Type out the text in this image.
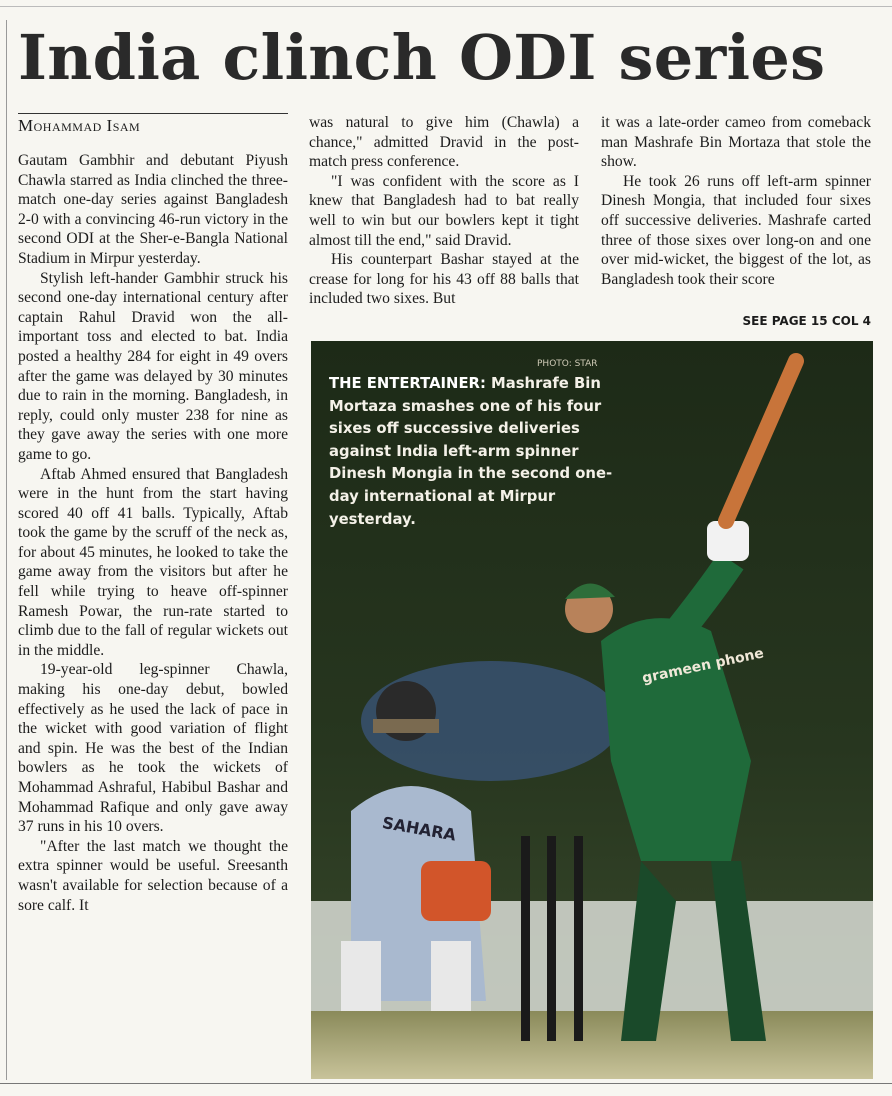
India clinch ODI series
Mohammad Isam

Gautam Gambhir and debutant Piyush Chawla starred as India clinched the three-match one-day series against Bangladesh 2-0 with a convincing 46-run victory in the second ODI at the Sher-e-Bangla National Stadium in Mirpur yesterday.

Stylish left-hander Gambhir struck his second one-day international century after captain Rahul Dravid won the all-important toss and elected to bat. India posted a healthy 284 for eight in 49 overs after the game was delayed by 30 minutes due to rain in the morning. Bangladesh, in reply, could only muster 238 for nine as they gave away the series with one more game to go.

Aftab Ahmed ensured that Bangladesh were in the hunt from the start having scored 40 off 41 balls. Typically, Aftab took the game by the scruff of the neck as, for about 45 minutes, he looked to take the game away from the visitors but after he fell while trying to heave off-spinner Ramesh Powar, the run-rate started to climb due to the fall of regular wickets out in the middle.

19-year-old leg-spinner Chawla, making his one-day debut, bowled effectively as he used the lack of pace in the wicket with good variation of flight and spin. He was the best of the Indian bowlers as he took the wickets of Mohammad Ashraful, Habibul Bashar and Mohammad Rafique and only gave away 37 runs in his 10 overs.

"After the last match we thought the extra spinner would be useful. Sreesanth wasn't available for selection because of a sore calf. It

was natural to give him (Chawla) a chance," admitted Dravid in the post-match press conference.

"I was confident with the score as I knew that Bangladesh had to bat really well to win but our bowlers kept it tight almost till the end," said Dravid.

His counterpart Bashar stayed at the crease for long for his 43 off 88 balls that included two sixes. But

it was a late-order cameo from comeback man Mashrafe Bin Mortaza that stole the show.

He took 26 runs off left-arm spinner Dinesh Mongia, that included four sixes off successive deliveries. Mashrafe carted three of those sixes over long-on and one over mid-wicket, the biggest of the lot, as Bangladesh took their score

SEE PAGE 15 COL 4
SAHARA
grameen phone
PHOTO: STAR
THE ENTERTAINER: Mashrafe Bin Mortaza smashes one of his four sixes off successive deliveries against India left-arm spinner Dinesh Mongia in the second one-day international at Mirpur yesterday.
